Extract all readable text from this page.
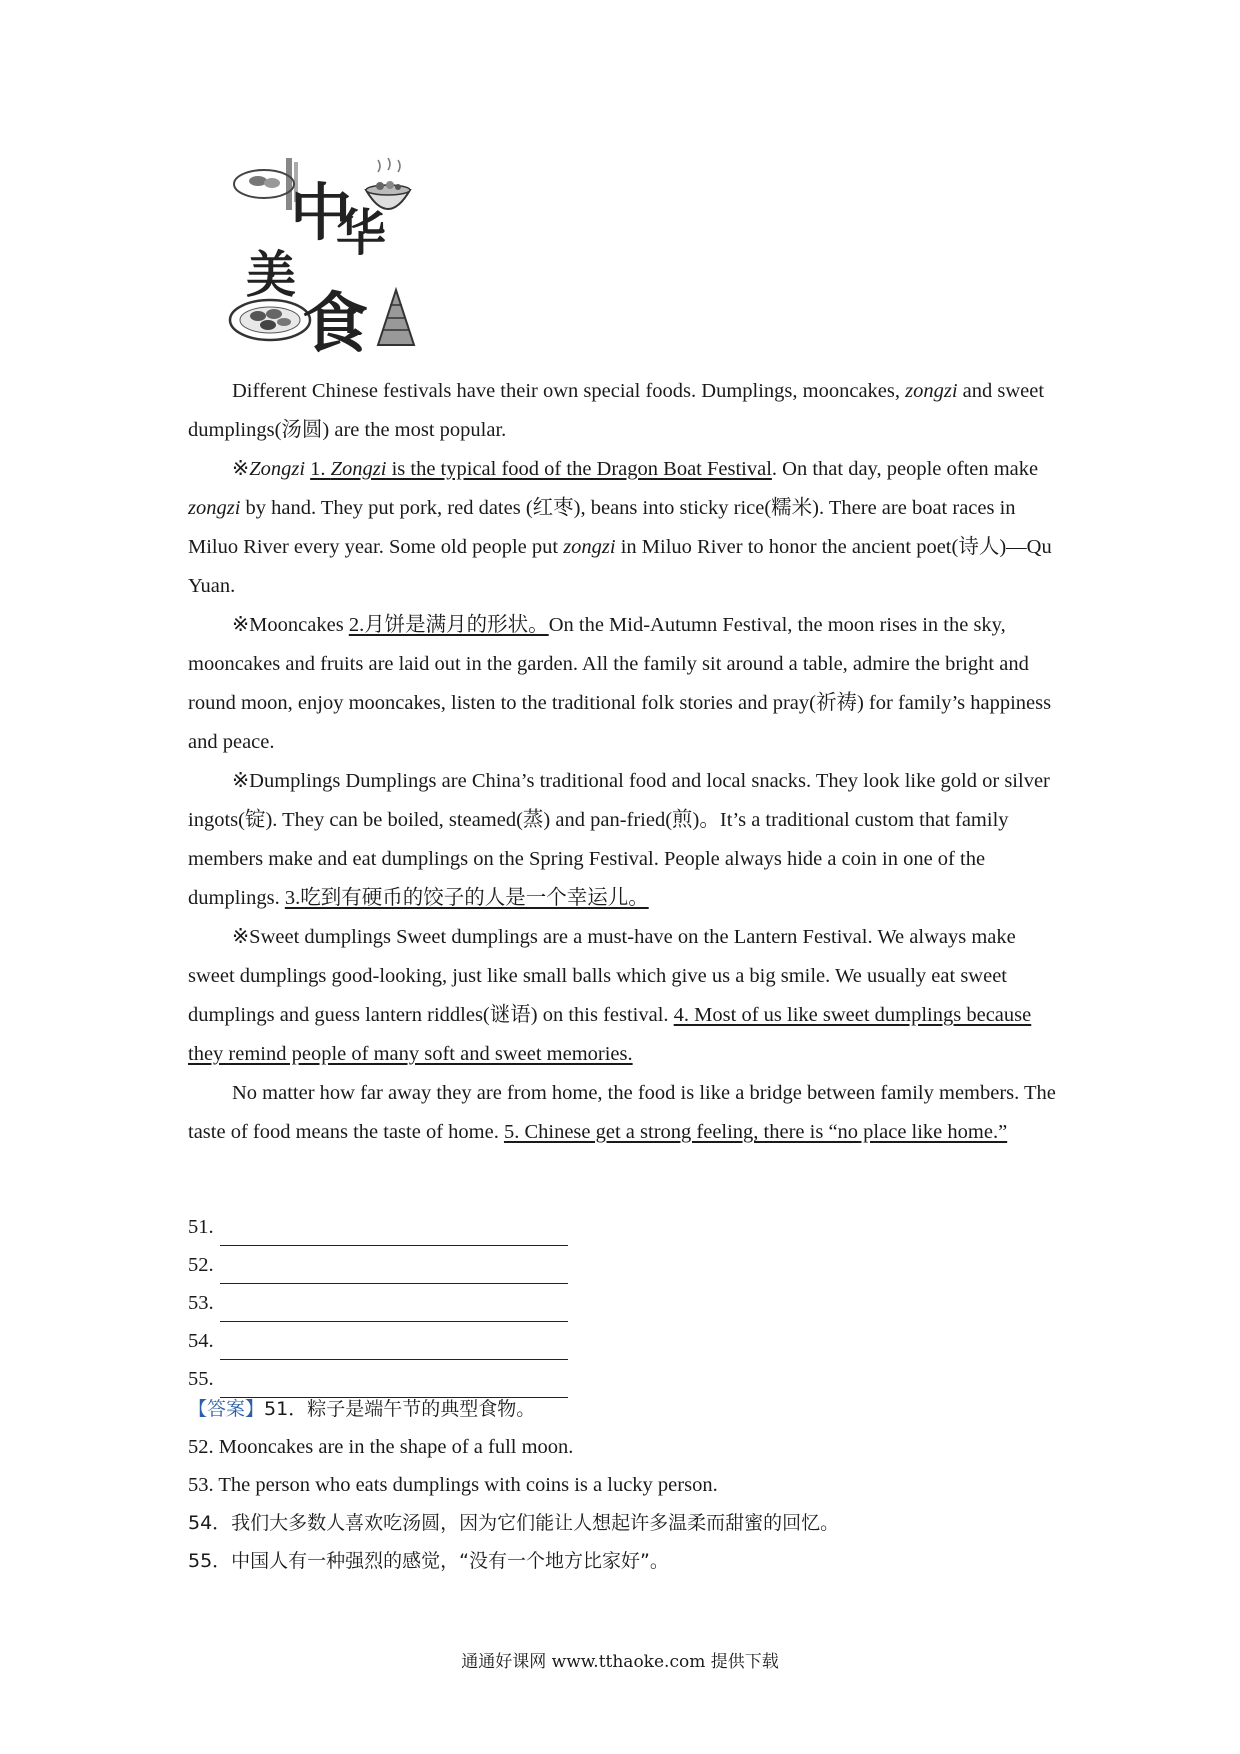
中
华
美
食

Different Chinese festivals have their own special foods. Dumplings, mooncakes, zongzi and sweet dumplings(汤圆) are the most popular.

※Zongzi 1. Zongzi is the typical food of the Dragon Boat Festival. On that day, people often make zongzi by hand. They put pork, red dates (红枣), beans into sticky rice(糯米). There are boat races in Miluo River every year. Some old people put zongzi in Miluo River to honor the ancient poet(诗人)—Qu Yuan.

※Mooncakes 2.月饼是满月的形状。On the Mid-Autumn Festival, the moon rises in the sky, mooncakes and fruits are laid out in the garden. All the family sit around a table, admire the bright and round moon, enjoy mooncakes, listen to the traditional folk stories and pray(祈祷) for family’s happiness and peace.

※Dumplings Dumplings are China’s traditional food and local snacks. They look like gold or silver ingots(锭). They can be boiled, steamed(蒸) and pan-fried(煎)。It’s a traditional custom that family members make and eat dumplings on the Spring Festival. People always hide a coin in one of the dumplings. 3.吃到有硬币的饺子的人是一个幸运儿。

※Sweet dumplings Sweet dumplings are a must-have on the Lantern Festival. We always make sweet dumplings good-looking, just like small balls which give us a big smile. We usually eat sweet dumplings and guess lantern riddles(谜语) on this festival. 4. Most of us like sweet dumplings because they remind people of many soft and sweet memories.

No matter how far away they are from home, the food is like a bridge between family members. The taste of food means the taste of home. 5. Chinese get a strong feeling, there is “no place like home.”

51.
52.
53.
54.
55.

【答案】51．粽子是端午节的典型食物。

52. Mooncakes are in the shape of a full moon.

53. The person who eats dumplings with coins is a lucky person.

54．我们大多数人喜欢吃汤圆，因为它们能让人想起许多温柔而甜蜜的回忆。

55．中国人有一种强烈的感觉，“没有一个地方比家好”。

通通好课网 www.tthaoke.com 提供下载
